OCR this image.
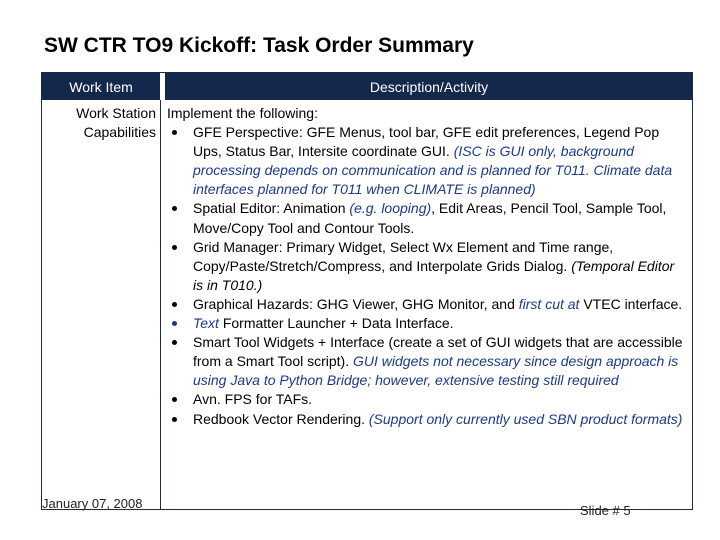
SW CTR TO9 Kickoff: Task Order Summary
Work Item	Description/Activity
Work Station Capabilities

Implement the following:

GFE Perspective: GFE Menus, tool bar, GFE edit preferences, Legend Pop Ups, Status Bar, Intersite coordinate GUI. (ISC is GUI only, background processing depends on communication and is planned for T011. Climate data interfaces planned for T011 when CLIMATE is planned)
Spatial Editor: Animation (e.g. looping), Edit Areas, Pencil Tool, Sample Tool, Move/Copy Tool and Contour Tools.
Grid Manager: Primary Widget, Select Wx Element and Time range, Copy/Paste/Stretch/Compress, and Interpolate Grids Dialog. (Temporal Editor is in T010.)
Graphical Hazards: GHG Viewer, GHG Monitor, and first cut at VTEC interface.
Text Formatter Launcher + Data Interface.
Smart Tool Widgets + Interface (create a set of GUI widgets that are accessible from a Smart Tool script). GUI widgets not necessary since design approach is using Java to Python Bridge; however, extensive testing still required
Avn. FPS for TAFs.
Redbook Vector Rendering. (Support only currently used SBN product formats)
January 07, 2008	Slide # 5
